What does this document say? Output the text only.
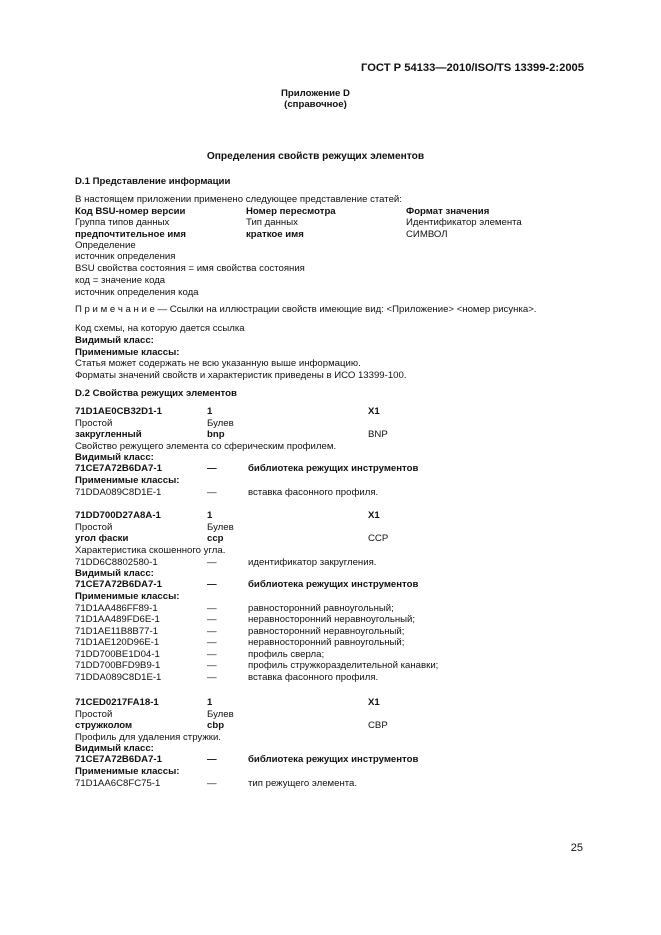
ГОСТ Р 54133—2010/ISO/TS 13399-2:2005
Приложение D
(справочное)
Определения свойств режущих элементов
D.1 Представление информации
В настоящем приложении применено следующее представление статей:
Код BSU-номер версии	Номер пересмотра	Формат значения
Группа типов данных	Тип данных	Идентификатор элемента
предпочтительное имя	краткое имя	СИМВОЛ
Определение
источник определения
BSU свойства состояния = имя свойства состояния
код = значение кода
источник определения кода
П р и м е ч а н и е — Ссылки на иллюстрации свойств имеющие вид: <Приложение> <номер рисунка>.
Код схемы, на которую дается ссылка
Видимый класс:
Применимые классы:
Статья может содержать не всю указанную выше информацию.
Форматы значений свойств и характеристик приведены в ИСО 13399-100.
D.2 Свойства режущих элементов
71D1AE0CB32D1-1	1	X1
Простой	Булев
закругленный	bnp	BNP
Свойство режущего элемента со сферическим профилем.
Видимый класс:
71CE7A72B6DA7-1	—	библиотека режущих инструментов
Применимые классы:
71DDA089C8D1E-1	—	вставка фасонного профиля.
71DD700D27A8A-1	1	X1
Простой	Булев
угол фаски	ccp	CCP
Характеристика скошенного угла.
71DD6C8802580-1	—	идентификатор закругления.
Видимый класс:
71CE7A72B6DA7-1	—	библиотека режущих инструментов
Применимые классы:
71D1AA486FF89-1	—	равносторонний равноугольный;
71D1AA489FD6E-1	—	неравносторонний неравноугольный;
71D1AE11B8B77-1	—	равносторонний неравноугольный;
71D1AE120D96E-1	—	неравносторонний равноугольный;
71DD700BE1D04-1	—	профиль сверла;
71DD700BFD9B9-1	—	профиль стружкоразделительной канавки;
71DDA089C8D1E-1	—	вставка фасонного профиля.
71CED0217FA18-1	1	X1
Простой	Булев
стружколом	cbp	CBP
Профиль для удаления стружки.
Видимый класс:
71CE7A72B6DA7-1	—	библиотека режущих инструментов
Применимые классы:
71D1AA6C8FC75-1	—	тип режущего элемента.
25
